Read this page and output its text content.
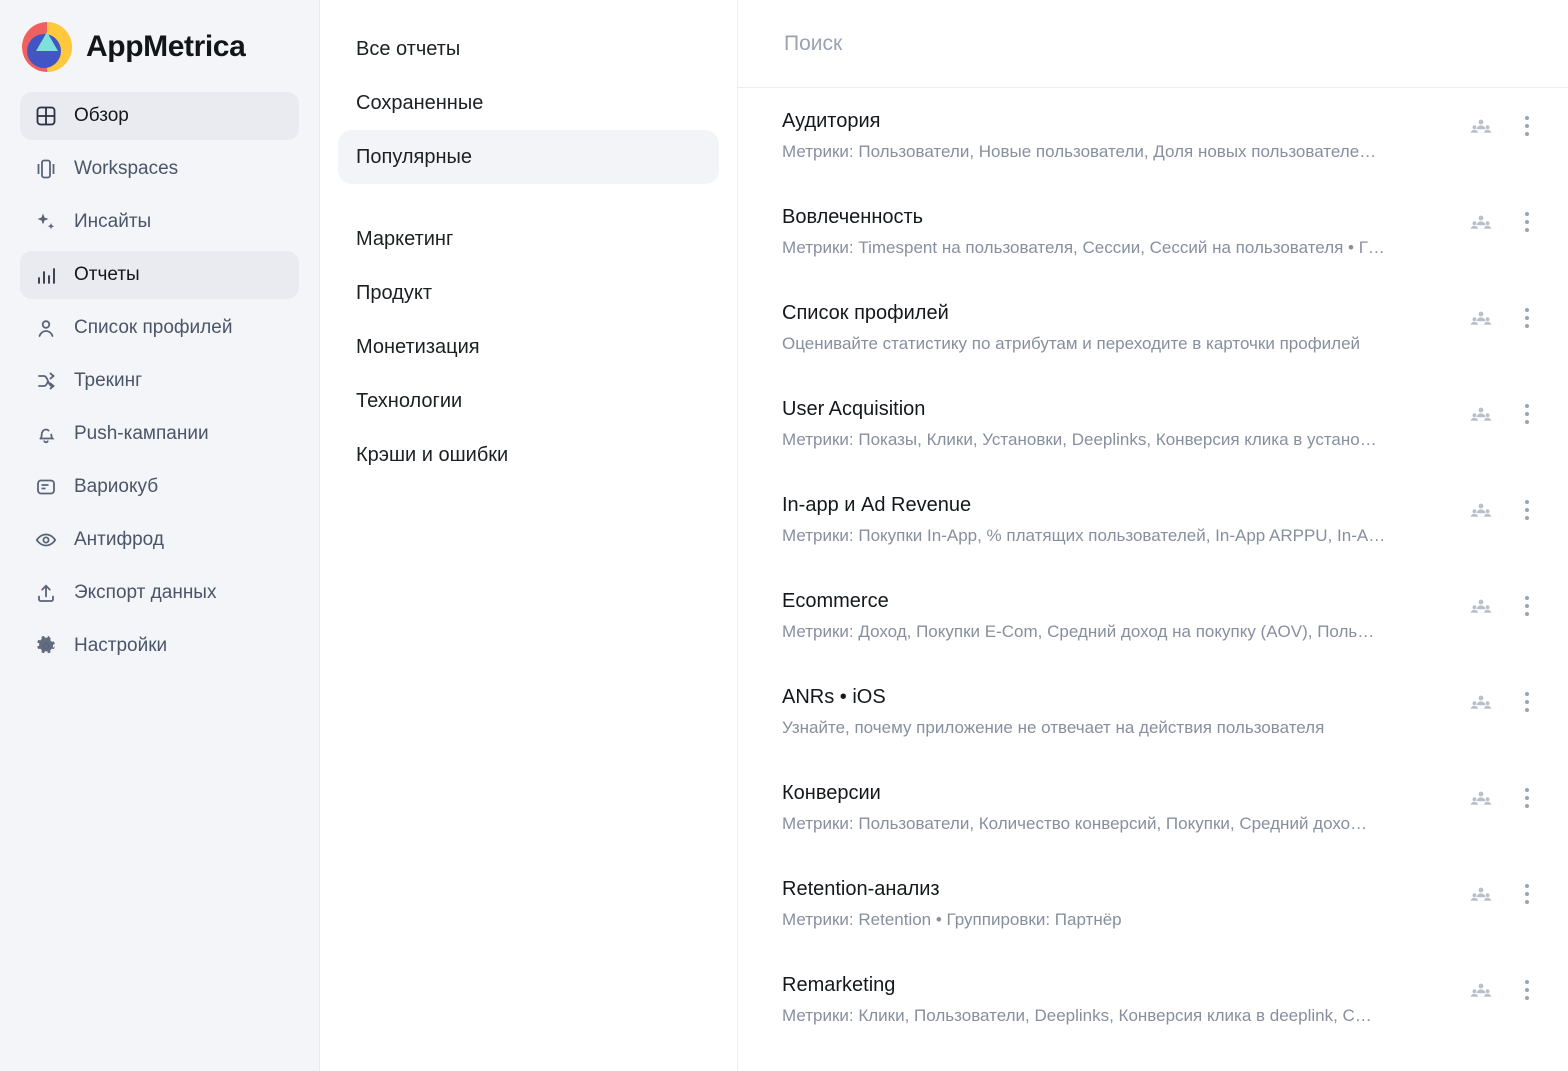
AppMetrica
Обзор
Workspaces
Инсайты
Отчеты
Список профилей
Трекинг
Push-кампании
Вариокуб
Антифрод
Экспорт данных
Настройки
Все отчеты
Сохраненные
Популярные
Маркетинг
Продукт
Монетизация
Технологии
Крэши и ошибки
Поиск
Аудитория
Метрики: Пользователи, Новые пользователи, Доля новых пользователе…
Вовлеченность
Метрики: Timespent на пользователя, Сессии, Сессий на пользователя • Г…
Список профилей
Оценивайте статистику по атрибутам и переходите в карточки профилей
User Acquisition
Метрики: Показы, Клики, Установки, Deeplinks, Конверсия клика в устано…
In-app и Ad Revenue
Метрики: Покупки In-App, % платящих пользователей, In-App ARPPU, In-A…
Ecommerce
Метрики: Доход, Покупки E-Com, Средний доход на покупку (AOV), Поль…
ANRs • iOS
Узнайте, почему приложение не отвечает на действия пользователя
Конверсии
Метрики: Пользователи, Количество конверсий, Покупки, Средний дохо…
Retention-анализ
Метрики: Retention • Группировки: Партнёр
Remarketing
Метрики: Клики, Пользователи, Deeplinks, Конверсия клика в deeplink, С…
